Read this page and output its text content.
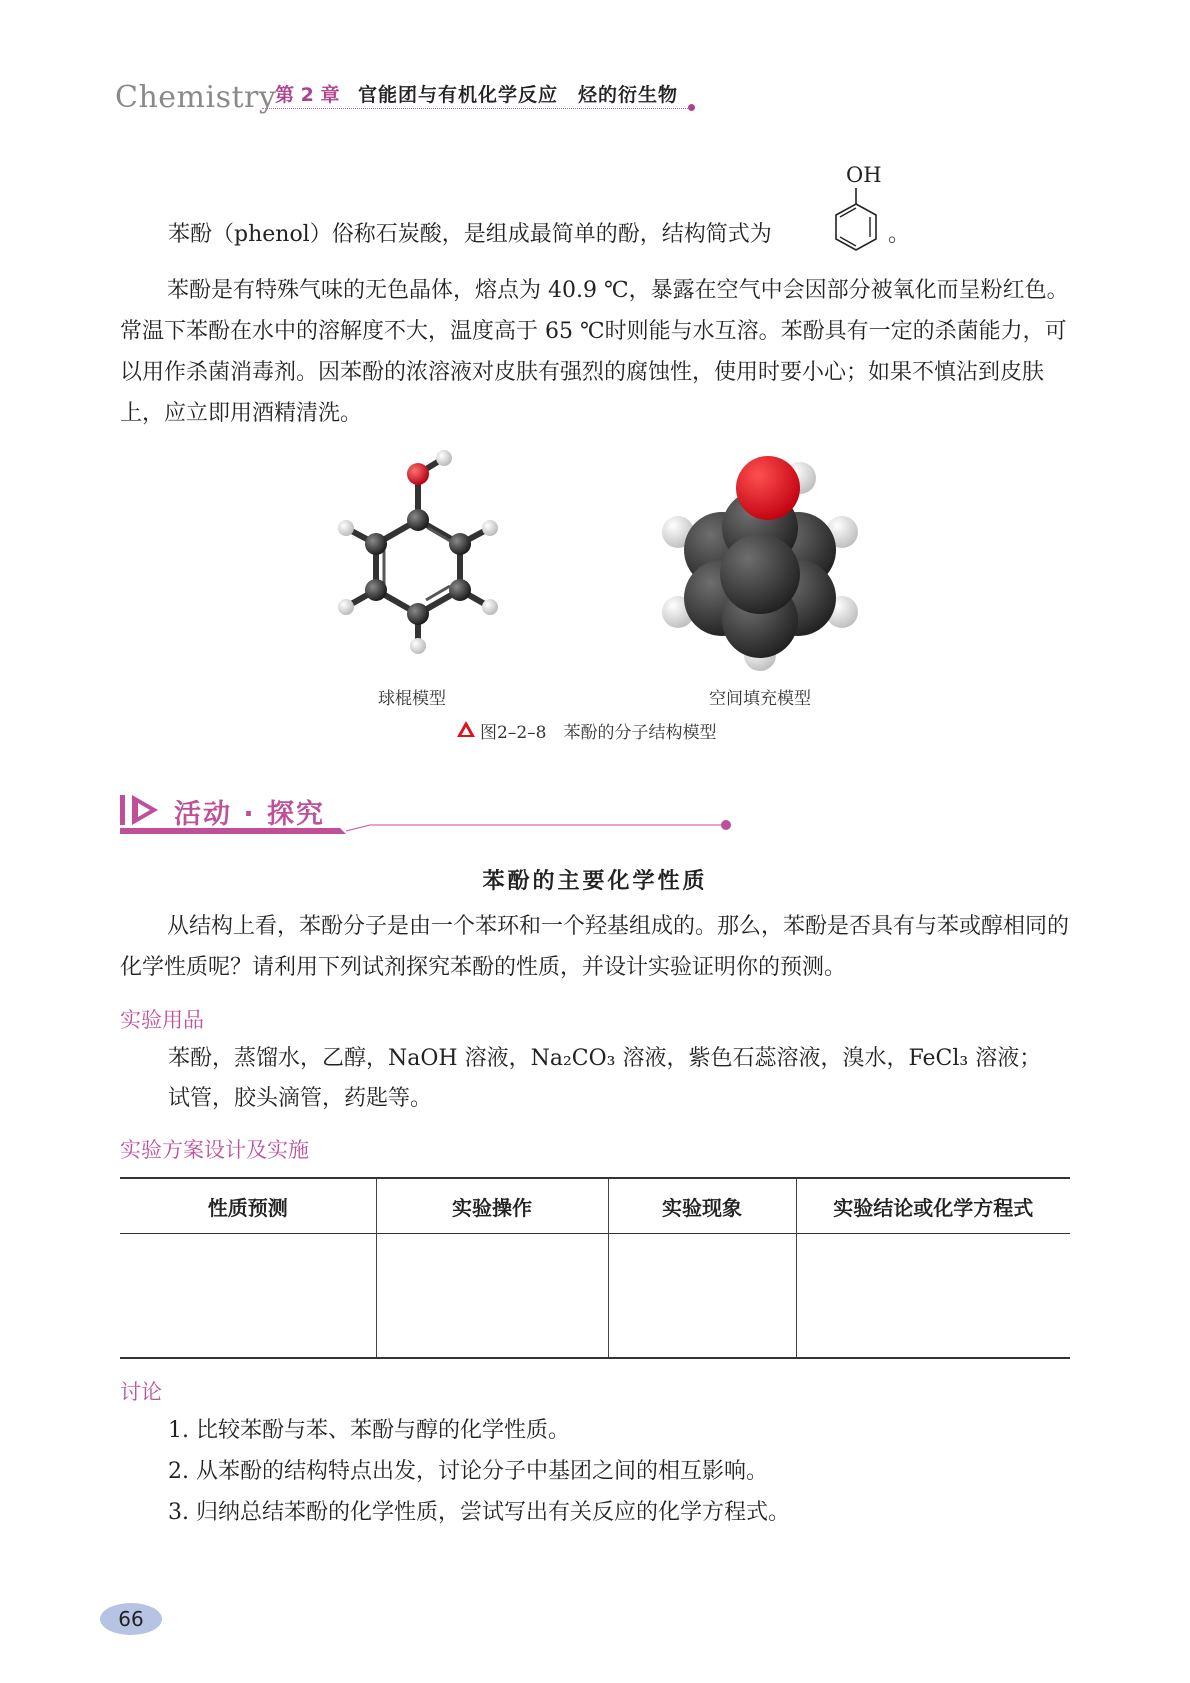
Chemistry
第 2 章 官能团与有机化学反应　烃的衍生物
苯酚（phenol）俗称石炭酸，是组成最简单的酚，结构简式为
OH
。
苯酚是有特殊气味的无色晶体，熔点为 40.9 ℃，暴露在空气中会因部分被氧化而呈粉红色。常温下苯酚在水中的溶解度不大，温度高于 65 ℃时则能与水互溶。苯酚具有一定的杀菌能力，可以用作杀菌消毒剂。因苯酚的浓溶液对皮肤有强烈的腐蚀性，使用时要小心；如果不慎沾到皮肤上，应立即用酒精清洗。
球棍模型	空间填充模型
图2–2–8　苯酚的分子结构模型
活动 · 探究
苯酚的主要化学性质
从结构上看，苯酚分子是由一个苯环和一个羟基组成的。那么，苯酚是否具有与苯或醇相同的化学性质呢？请利用下列试剂探究苯酚的性质，并设计实验证明你的预测。
实验用品
苯酚，蒸馏水，乙醇，NaOH 溶液，Na₂CO₃ 溶液，紫色石蕊溶液，溴水，FeCl₃ 溶液；
试管，胶头滴管，药匙等。
实验方案设计及实施
性质预测	实验操作	实验现象	实验结论或化学方程式

讨论
1. 比较苯酚与苯、苯酚与醇的化学性质。
2. 从苯酚的结构特点出发，讨论分子中基团之间的相互影响。
3. 归纳总结苯酚的化学性质，尝试写出有关反应的化学方程式。
66
